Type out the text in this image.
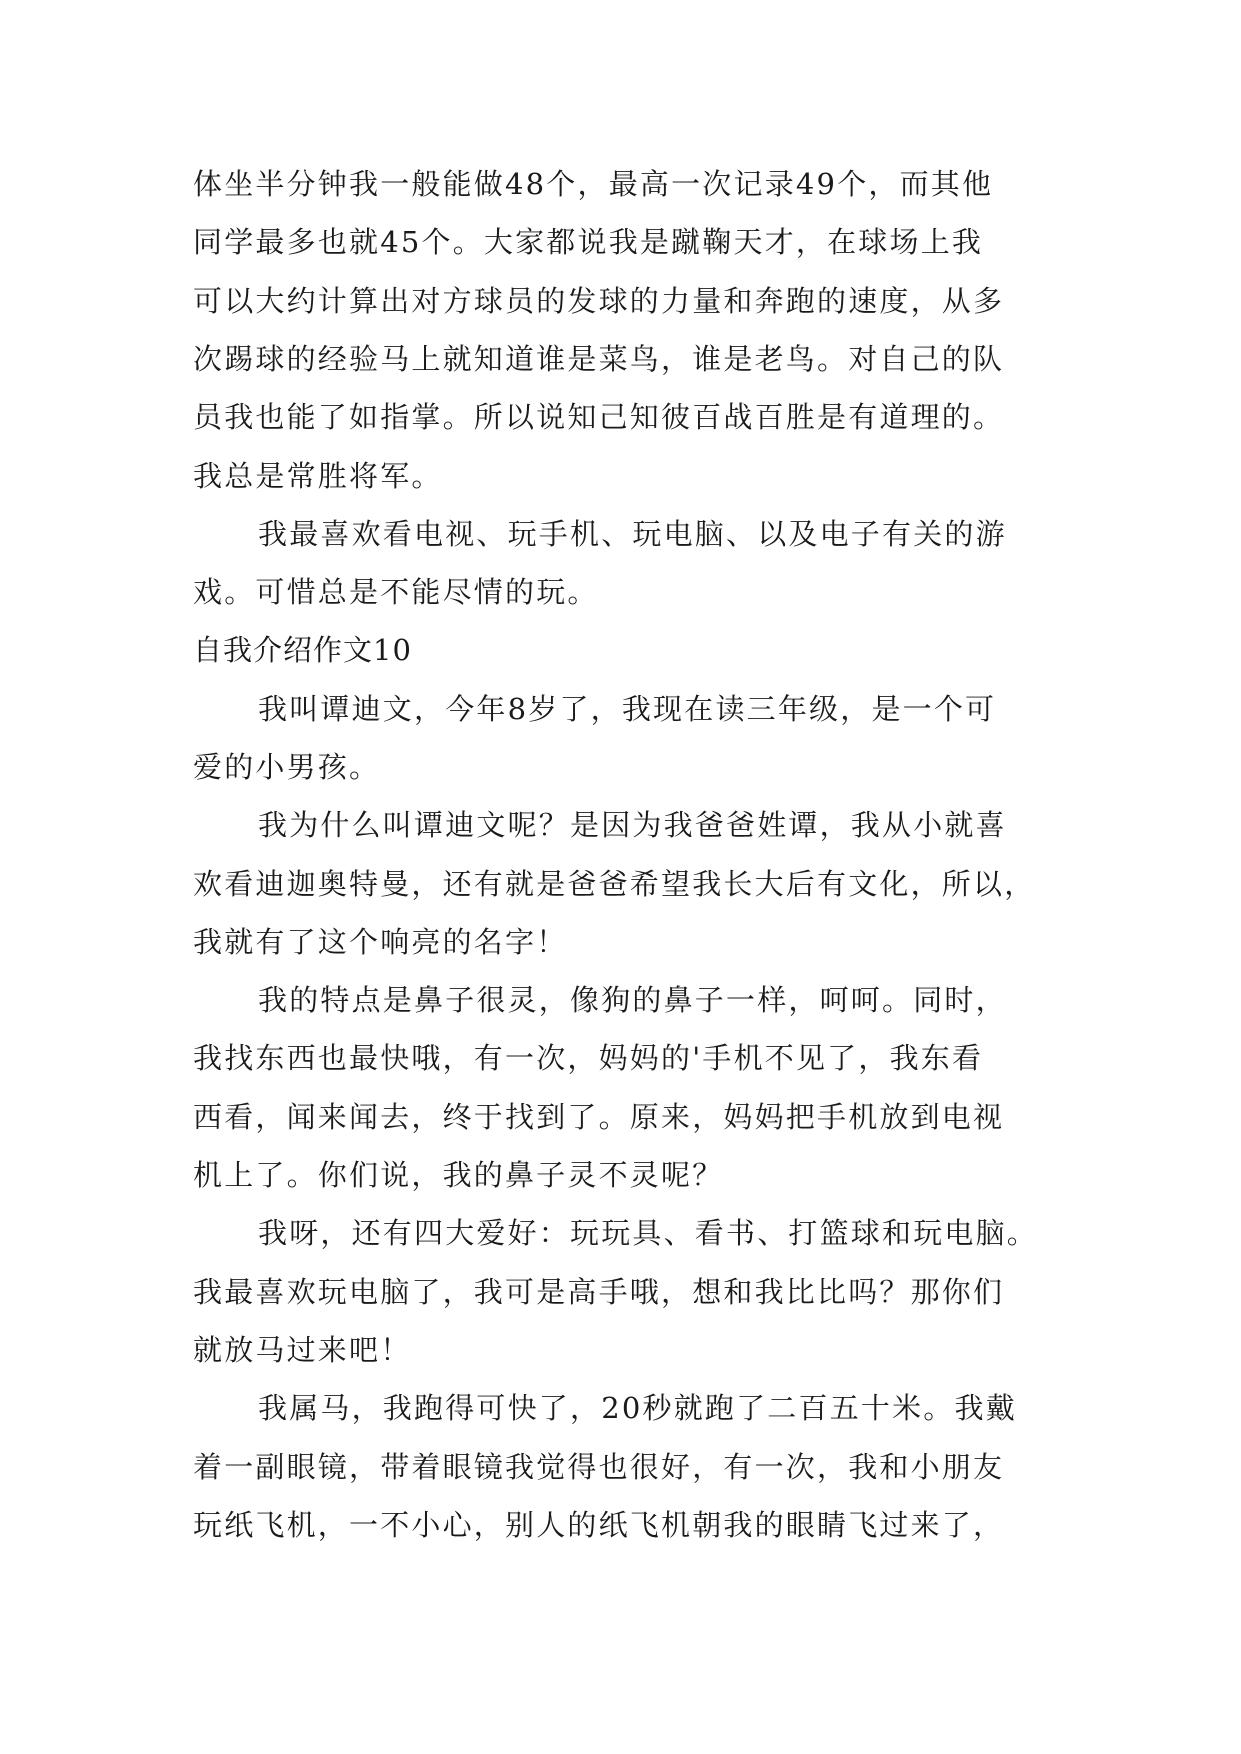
体坐半分钟我一般能做48个，最高一次记录49个，而其他
同学最多也就45个。大家都说我是蹴鞠天才，在球场上我
可以大约计算出对方球员的发球的力量和奔跑的速度，从多
次踢球的经验马上就知道谁是菜鸟，谁是老鸟。对自己的队
员我也能了如指掌。所以说知己知彼百战百胜是有道理的。
我总是常胜将军。
我最喜欢看电视、玩手机、玩电脑、以及电子有关的游
戏。可惜总是不能尽情的玩。
自我介绍作文10
我叫谭迪文，今年8岁了，我现在读三年级，是一个可
爱的小男孩。
我为什么叫谭迪文呢？是因为我爸爸姓谭，我从小就喜
欢看迪迦奥特曼，还有就是爸爸希望我长大后有文化，所以，
我就有了这个响亮的名字！
我的特点是鼻子很灵，像狗的鼻子一样，呵呵。同时，
我找东西也最快哦，有一次，妈妈的'手机不见了，我东看
西看，闻来闻去，终于找到了。原来，妈妈把手机放到电视
机上了。你们说，我的鼻子灵不灵呢？
我呀，还有四大爱好：玩玩具、看书、打篮球和玩电脑。
我最喜欢玩电脑了，我可是高手哦，想和我比比吗？那你们
就放马过来吧！
我属马，我跑得可快了，20秒就跑了二百五十米。我戴
着一副眼镜，带着眼镜我觉得也很好，有一次，我和小朋友
玩纸飞机，一不小心，别人的纸飞机朝我的眼睛飞过来了，
